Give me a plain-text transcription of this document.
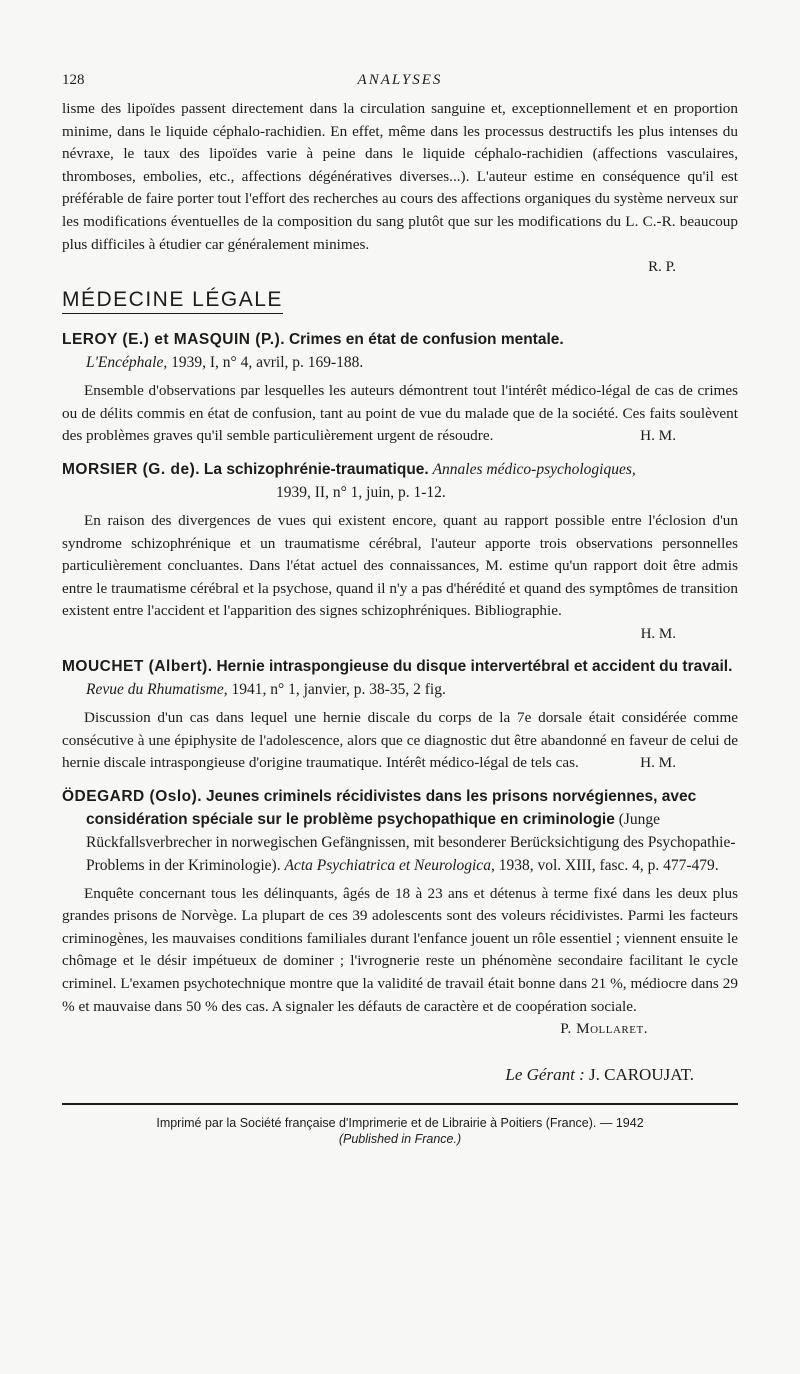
128	ANALYSES

lisme des lipoïdes passent directement dans la circulation sanguine et, exceptionnellement et en proportion minime, dans le liquide céphalo-rachidien. En effet, même dans les processus destructifs les plus intenses du névraxe, le taux des lipoïdes varie à peine dans le liquide céphalo-rachidien (affections vasculaires, thromboses, embolies, etc., affections dégénératives diverses...). L'auteur estime en conséquence qu'il est préférable de faire porter tout l'effort des recherches au cours des affections organiques du système nerveux sur les modifications éventuelles de la composition du sang plutôt que sur les modifications du L. C.-R. beaucoup plus difficiles à étudier car généralement minimes.

R. P.

MÉDECINE LÉGALE

LEROY (E.) et MASQUIN (P.). Crimes en état de confusion mentale.

L'Encéphale, 1939, I, n° 4, avril, p. 169-188.

Ensemble d'observations par lesquelles les auteurs démontrent tout l'intérêt médico-légal de cas de crimes ou de délits commis en état de confusion, tant au point de vue du malade que de la société. Ces faits soulèvent des problèmes graves qu'il semble particulièrement urgent de résoudre.	H. M.

MORSIER (G. de). La schizophrénie-traumatique. Annales médico-psychologiques,

1939, II, n° 1, juin, p. 1-12.

En raison des divergences de vues qui existent encore, quant au rapport possible entre l'éclosion d'un syndrome schizophrénique et un traumatisme cérébral, l'auteur apporte trois observations personnelles particulièrement concluantes. Dans l'état actuel des connaissances, M. estime qu'un rapport doit être admis entre le traumatisme cérébral et la psychose, quand il n'y a pas d'hérédité et quand des symptômes de transition existent entre l'accident et l'apparition des signes schizophréniques. Bibliographie.

H. M.

MOUCHET (Albert). Hernie intraspongieuse du disque intervertébral et accident du travail. Revue du Rhumatisme, 1941, n° 1, janvier, p. 38-35, 2 fig.

Discussion d'un cas dans lequel une hernie discale du corps de la 7e dorsale était considérée comme consécutive à une épiphysite de l'adolescence, alors que ce diagnostic dut être abandonné en faveur de celui de hernie discale intraspongieuse d'origine traumatique. Intérêt médico-légal de tels cas.	H. M.

ÖDEGARD (Oslo). Jeunes criminels récidivistes dans les prisons norvégiennes, avec considération spéciale sur le problème psychopathique en criminologie (Junge Rückfallsverbrecher in norwegischen Gefängnissen, mit besonderer Berücksichtigung des Psychopathie-Problems in der Kriminologie). Acta Psychiatrica et Neurologica, 1938, vol. XIII, fasc. 4, p. 477-479.

Enquête concernant tous les délinquants, âgés de 18 à 23 ans et détenus à terme fixé dans les deux plus grandes prisons de Norvège. La plupart de ces 39 adolescents sont des voleurs récidivistes. Parmi les facteurs criminogènes, les mauvaises conditions familiales durant l'enfance jouent un rôle essentiel ; viennent ensuite le chômage et le désir impétueux de dominer ; l'ivrognerie reste un phénomène secondaire facilitant le cycle criminel. L'examen psychotechnique montre que la validité de travail était bonne dans 21 %, médiocre dans 29 % et mauvaise dans 50 % des cas. A signaler les défauts de caractère et de coopération sociale.
P. Mollaret.

Le Gérant : J. CAROUJAT.
Imprimé par la Société française d'Imprimerie et de Librairie à Poitiers (France). — 1942
(Published in France.)
